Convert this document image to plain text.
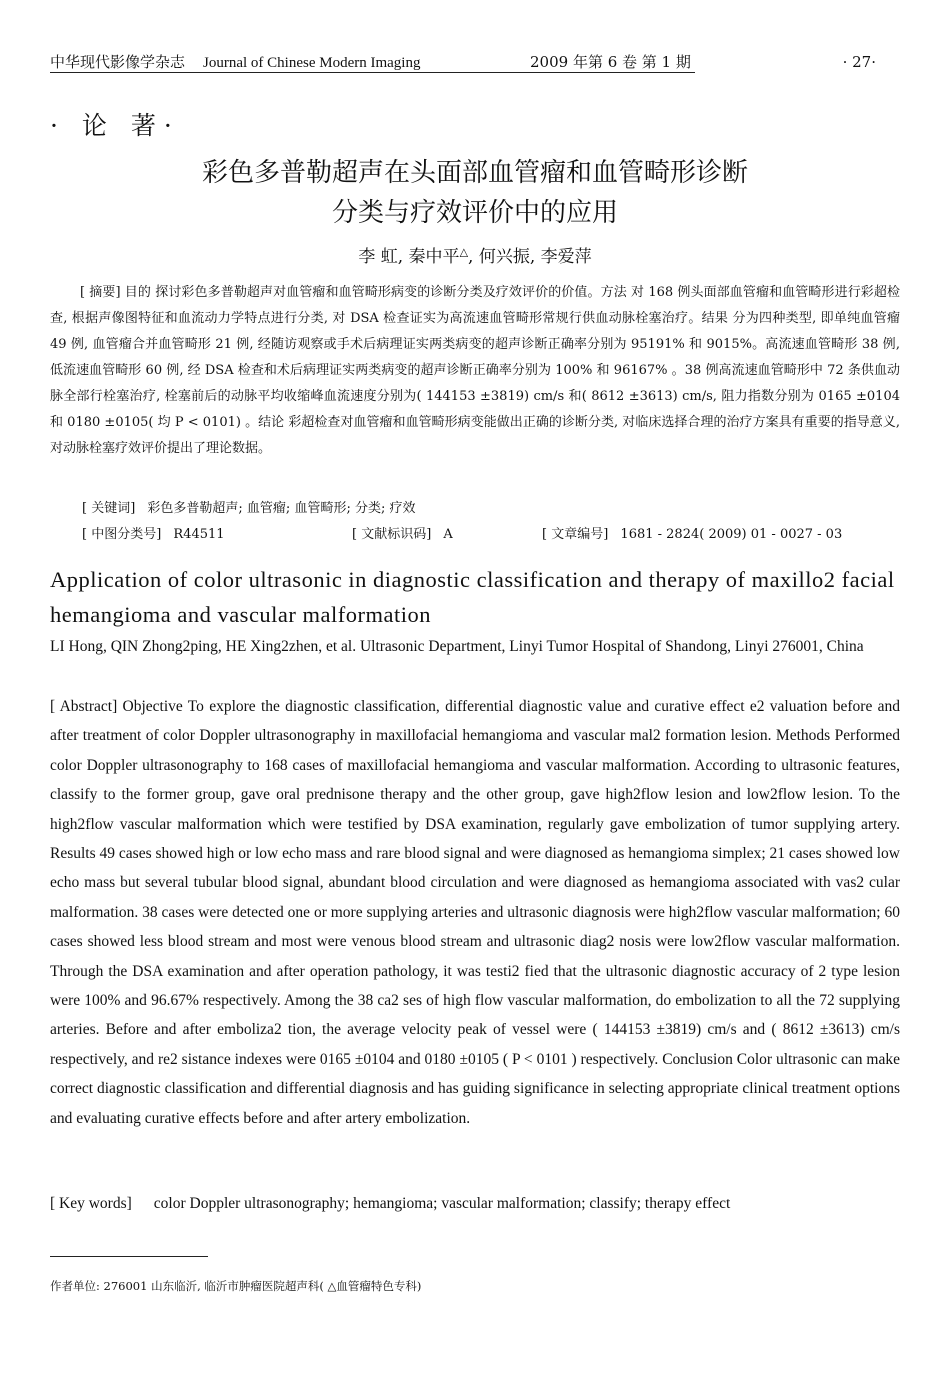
中华现代影像学杂志 Journal of Chinese Modern Imaging	2009 年第 6 卷 第 1 期	· 27·
· 论 著·
彩色多普勒超声在头面部血管瘤和血管畸形诊断
分类与疗效评价中的应用
李 虹, 秦中平△, 何兴振, 李爱萍

[ 摘要] 目的 探讨彩色多普勒超声对血管瘤和血管畸形病变的诊断分类及疗效评价的价值。方法 对 168 例头面部血管瘤和血管畸形进行彩超检查, 根据声像图特征和血流动力学特点进行分类, 对 DSA 检查证实为高流速血管畸形常规行供血动脉栓塞治疗。结果 分为四种类型, 即单纯血管瘤 49 例, 血管瘤合并血管畸形 21 例, 经随访观察或手术后病理证实两类病变的超声诊断正确率分别为 95191% 和 9015%。高流速血管畸形 38 例, 低流速血管畸形 60 例, 经 DSA 检查和术后病理证实两类病变的超声诊断正确率分别为 100% 和 96167% 。38 例高流速血管畸形中 72 条供血动脉全部行栓塞治疗, 栓塞前后的动脉平均收缩峰血流速度分别为( 144153 ±3819) cm/s 和( 8612 ±3613) cm/s, 阻力指数分别为 0165 ±0104 和 0180 ±0105( 均 P < 0101) 。结论 彩超检查对血管瘤和血管畸形病变能做出正确的诊断分类, 对临床选择合理的治疗方案具有重要的指导意义, 对动脉栓塞疗效评价提出了理论数据。

[ 关键词] 彩色多普勒超声; 血管瘤; 血管畸形; 分类; 疗效
[ 中图分类号] R44511	[ 文献标识码] A	[ 文章编号] 1681 - 2824( 2009) 01 - 0027 - 03
Application of color ultrasonic in diagnostic classification and therapy of maxillo2 facial hemangioma and vascular malformation
LI Hong, QIN Zhong2ping, HE Xing2zhen, et al. Ultrasonic Department, Linyi Tumor Hospital of Shandong, Linyi 276001, China

[ Abstract] Objective To explore the diagnostic classification, differential diagnostic value and curative effect e2 valuation before and after treatment of color Doppler ultrasonography in maxillofacial hemangioma and vascular mal2 formation lesion. Methods Performed color Doppler ultrasonography to 168 cases of maxillofacial hemangioma and vascular malformation. According to ultrasonic features, classify to the former group, gave oral prednisone therapy and the other group, gave high2flow lesion and low2flow lesion. To the high2flow vascular malformation which were testified by DSA examination, regularly gave embolization of tumor supplying artery. Results 49 cases showed high or low echo mass and rare blood signal and were diagnosed as hemangioma simplex; 21 cases showed low echo mass but several tubular blood signal, abundant blood circulation and were diagnosed as hemangioma associated with vas2 cular malformation. 38 cases were detected one or more supplying arteries and ultrasonic diagnosis were high2flow vascular malformation; 60 cases showed less blood stream and most were venous blood stream and ultrasonic diag2 nosis were low2flow vascular malformation. Through the DSA examination and after operation pathology, it was testi2 fied that the ultrasonic diagnostic accuracy of 2 type lesion were 100% and 96.67% respectively. Among the 38 ca2 ses of high flow vascular malformation, do embolization to all the 72 supplying arteries. Before and after emboliza2 tion, the average velocity peak of vessel were ( 144153 ±3819) cm/s and ( 8612 ±3613) cm/s respectively, and re2 sistance indexes were 0165 ±0104 and 0180 ±0105 ( P < 0101 ) respectively. Conclusion Color ultrasonic can make correct diagnostic classification and differential diagnosis and has guiding significance in selecting appropriate clinical treatment options and evaluating curative effects before and after artery embolization.

[ Key words] color Doppler ultrasonography; hemangioma; vascular malformation; classify; therapy effect
作者单位: 276001 山东临沂, 临沂市肿瘤医院超声科( △血管瘤特色专科)
